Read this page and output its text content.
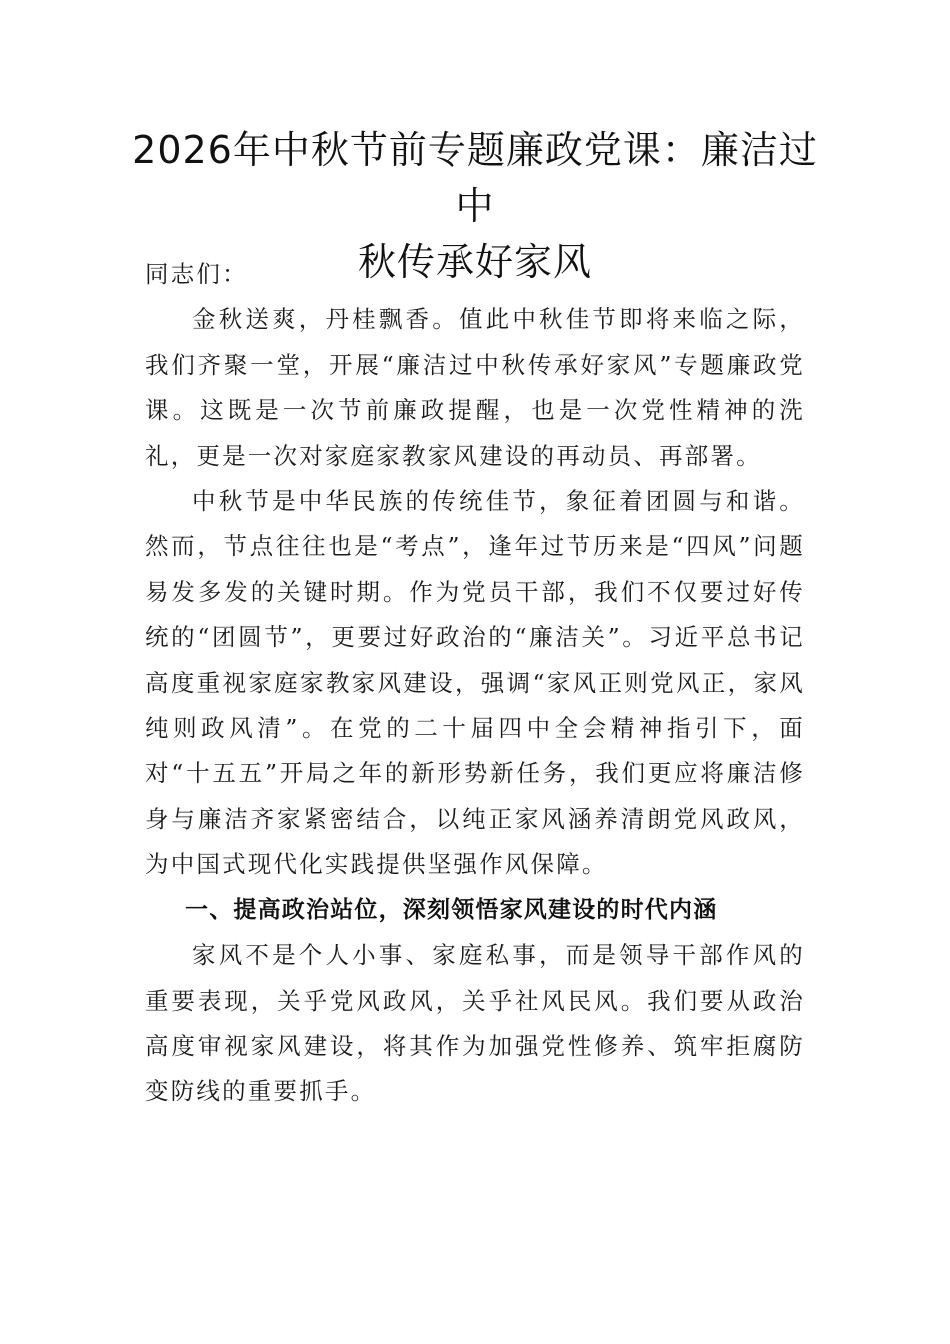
2026年中秋节前专题廉政党课：廉洁过中
秋传承好家风

同志们：

金秋送爽，丹桂飘香。值此中秋佳节即将来临之际，我们齐聚一堂，开展“廉洁过中秋传承好家风”专题廉政党课。这既是一次节前廉政提醒，也是一次党性精神的洗礼，更是一次对家庭家教家风建设的再动员、再部署。

中秋节是中华民族的传统佳节，象征着团圆与和谐。然而，节点往往也是“考点”，逢年过节历来是“四风”问题易发多发的关键时期。作为党员干部，我们不仅要过好传统的“团圆节”，更要过好政治的“廉洁关”。习近平总书记高度重视家庭家教家风建设，强调“家风正则党风正，家风纯则政风清”。在党的二十届四中全会精神指引下，面对“十五五”开局之年的新形势新任务，我们更应将廉洁修身与廉洁齐家紧密结合，以纯正家风涵养清朗党风政风，为中国式现代化实践提供坚强作风保障。

一、提高政治站位，深刻领悟家风建设的时代内涵

家风不是个人小事、家庭私事，而是领导干部作风的重要表现，关乎党风政风，关乎社风民风。我们要从政治高度审视家风建设，将其作为加强党性修养、筑牢拒腐防变防线的重要抓手。
